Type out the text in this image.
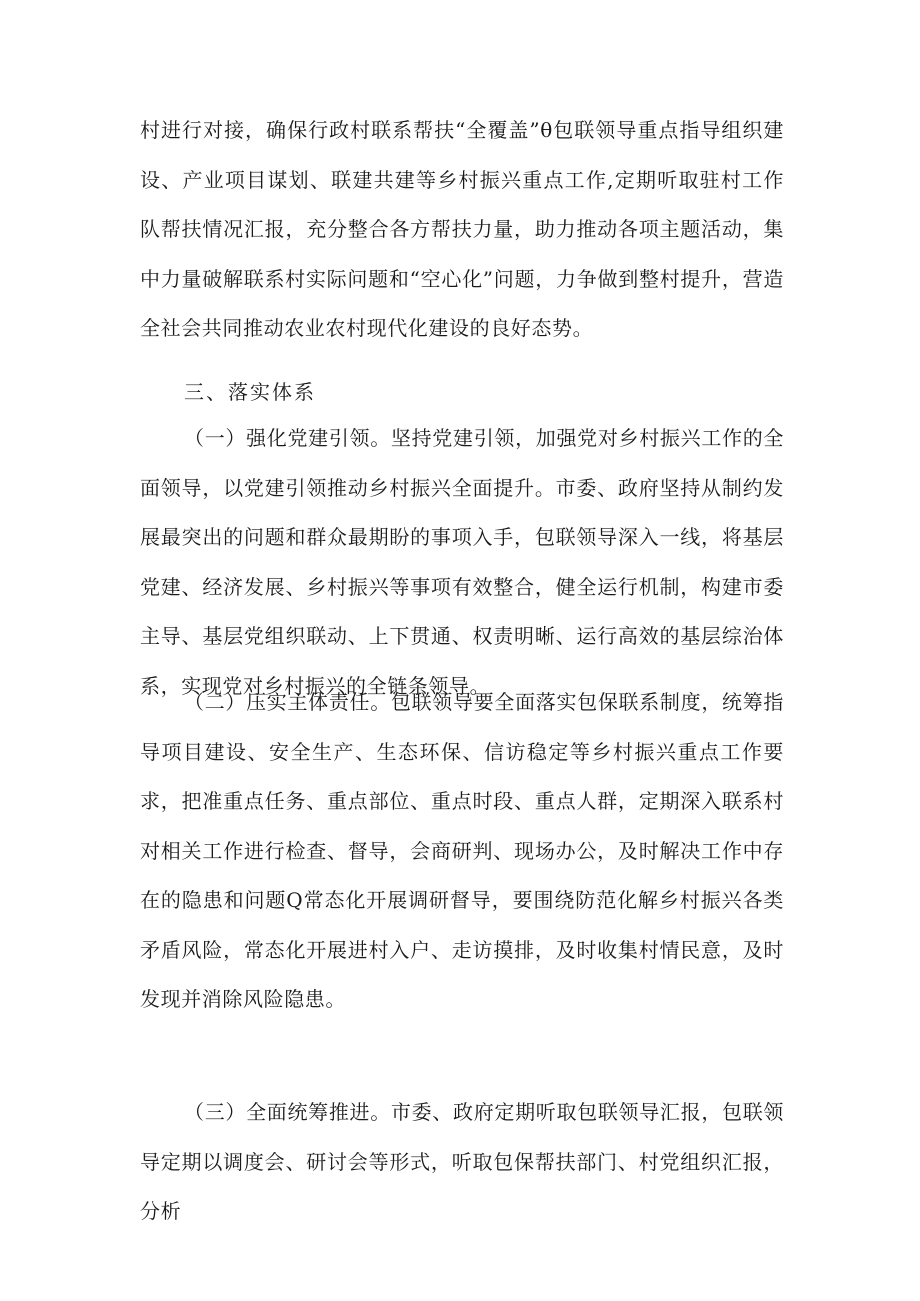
村进行对接，确保行政村联系帮扶“全覆盖”θ包联领导重点指导组织建设、产业项目谋划、联建共建等乡村振兴重点工作,定期听取驻村工作队帮扶情况汇报，充分整合各方帮扶力量，助力推动各项主题活动，集中力量破解联系村实际问题和“空心化”问题，力争做到整村提升，营造全社会共同推动农业农村现代化建设的良好态势。

三、落实体系

（一）强化党建引领。坚持党建引领，加强党对乡村振兴工作的全面领导，以党建引领推动乡村振兴全面提升。市委、政府坚持从制约发展最突出的问题和群众最期盼的事项入手，包联领导深入一线，将基层党建、经济发展、乡村振兴等事项有效整合，健全运行机制，构建市委主导、基层党组织联动、上下贯通、权责明晰、运行高效的基层综治体系，实现党对乡村振兴的全链条领导。

（二）压实主体责任。包联领导要全面落实包保联系制度，统筹指导项目建设、安全生产、生态环保、信访稳定等乡村振兴重点工作要求，把准重点任务、重点部位、重点时段、重点人群，定期深入联系村对相关工作进行检查、督导，会商研判、现场办公，及时解决工作中存在的隐患和问题Q常态化开展调研督导，要围绕防范化解乡村振兴各类矛盾风险，常态化开展进村入户、走访摸排，及时收集村情民意，及时发现并消除风险隐患。

（三）全面统筹推进。市委、政府定期听取包联领导汇报，包联领导定期以调度会、研讨会等形式，听取包保帮扶部门、村党组织汇报，分析
